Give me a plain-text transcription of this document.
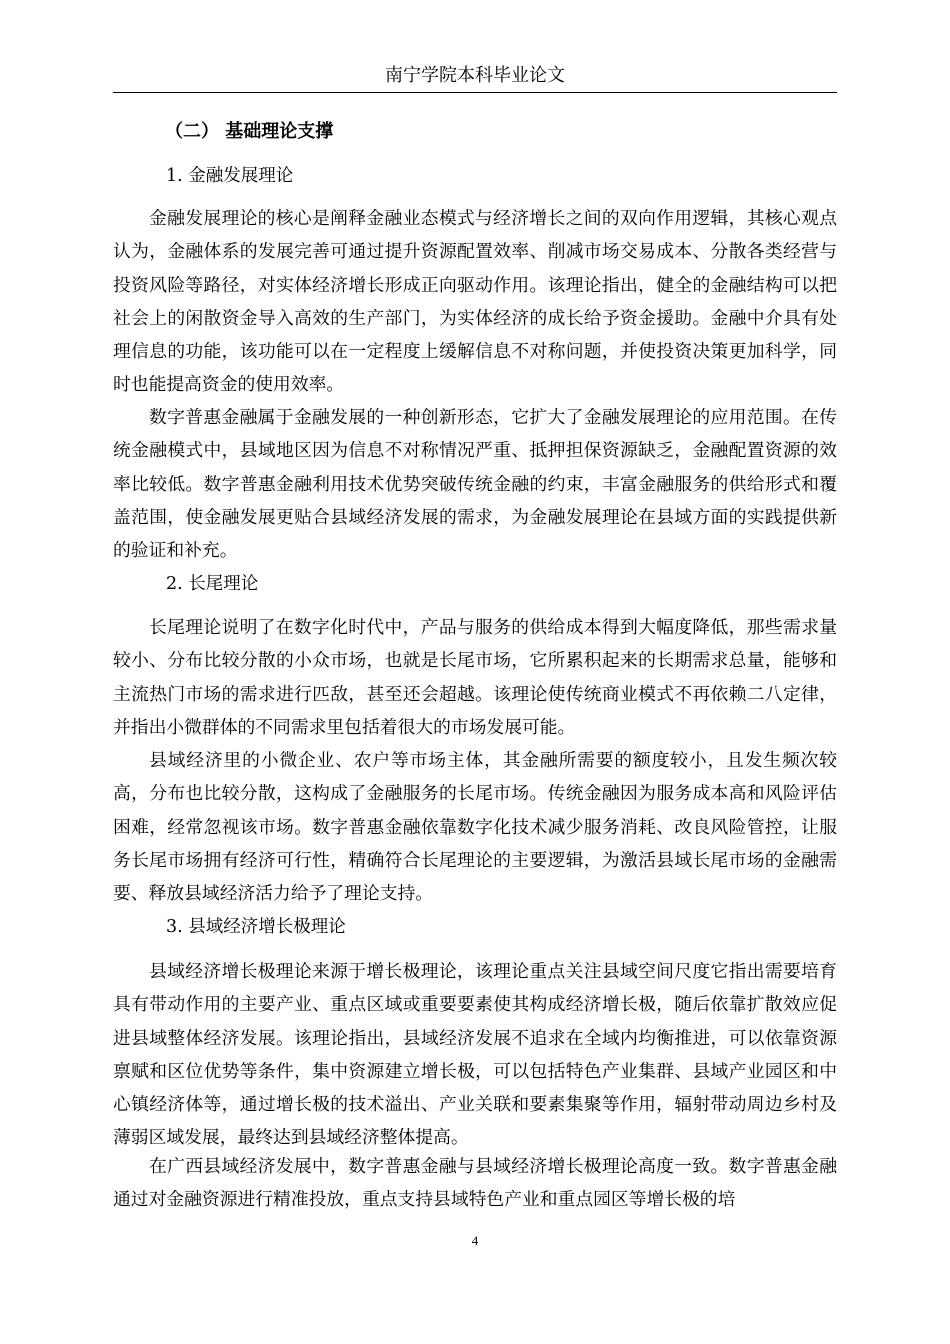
南宁学院本科毕业论文
（二） 基础理论支撑
1. 金融发展理论

金融发展理论的核心是阐释金融业态模式与经济增长之间的双向作用逻辑，其核心观点认为，金融体系的发展完善可通过提升资源配置效率、削减市场交易成本、分散各类经营与投资风险等路径，对实体经济增长形成正向驱动作用。该理论指出，健全的金融结构可以把社会上的闲散资金导入高效的生产部门，为实体经济的成长给予资金援助。金融中介具有处理信息的功能，该功能可以在一定程度上缓解信息不对称问题，并使投资决策更加科学，同时也能提高资金的使用效率。

数字普惠金融属于金融发展的一种创新形态，它扩大了金融发展理论的应用范围。在传统金融模式中，县域地区因为信息不对称情况严重、抵押担保资源缺乏，金融配置资源的效率比较低。数字普惠金融利用技术优势突破传统金融的约束，丰富金融服务的供给形式和覆盖范围，使金融发展更贴合县域经济发展的需求，为金融发展理论在县域方面的实践提供新的验证和补充。

2. 长尾理论

长尾理论说明了在数字化时代中，产品与服务的供给成本得到大幅度降低，那些需求量较小、分布比较分散的小众市场，也就是长尾市场，它所累积起来的长期需求总量，能够和主流热门市场的需求进行匹敌，甚至还会超越。该理论使传统商业模式不再依赖二八定律，并指出小微群体的不同需求里包括着很大的市场发展可能。

县域经济里的小微企业、农户等市场主体，其金融所需要的额度较小，且发生频次较高，分布也比较分散，这构成了金融服务的长尾市场。传统金融因为服务成本高和风险评估困难，经常忽视该市场。数字普惠金融依靠数字化技术减少服务消耗、改良风险管控，让服务长尾市场拥有经济可行性，精确符合长尾理论的主要逻辑，为激活县域长尾市场的金融需要、释放县域经济活力给予了理论支持。

3. 县域经济增长极理论

县域经济增长极理论来源于增长极理论，该理论重点关注县域空间尺度它指出需要培育具有带动作用的主要产业、重点区域或重要要素使其构成经济增长极，随后依靠扩散效应促进县域整体经济发展。该理论指出，县域经济发展不追求在全域内均衡推进，可以依靠资源禀赋和区位优势等条件，集中资源建立增长极，可以包括特色产业集群、县域产业园区和中心镇经济体等，通过增长极的技术溢出、产业关联和要素集聚等作用，辐射带动周边乡村及薄弱区域发展，最终达到县域经济整体提高。

在广西县域经济发展中，数字普惠金融与县域经济增长极理论高度一致。数字普惠金融通过对金融资源进行精准投放，重点支持县域特色产业和重点园区等增长极的培

4
